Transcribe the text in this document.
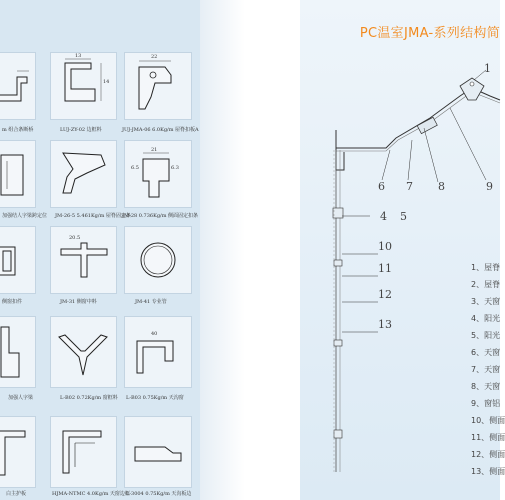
m 组合条断桥
13
14
LUJ-ZY-02 边框料
22
JUJ-JMA-06 6.0Kg/m 屋脊扣板A
加强结人字梁跨定位 JM-26-5 5.461Kg/m 屋脊固定条
21
6.5	6.3
JM-28 0.736Kg/m 侧面固定扣条
侧窗扣件
20.5
JM-31 侧窗中料	JM-41 专业管
加强人字梁	L-B02 0.72Kg/m 窗框料
40
L-B03 0.75Kg/m 天沟窗
白主护板	HJMA-NTMC 4.0Kg/m 天窗边框
L-3004 0.75Kg/m 天沟板边
PC温室JMA-系列结构简
1
6 7 8	9
4 5
10
11
12
13
1、屋脊
2、屋脊
3、天窗
4、阳光
5、阳光
6、天窗
7、天窗
8、天窗
9、窗铝
10、侧面
11、侧面
12、侧面
13、侧面
